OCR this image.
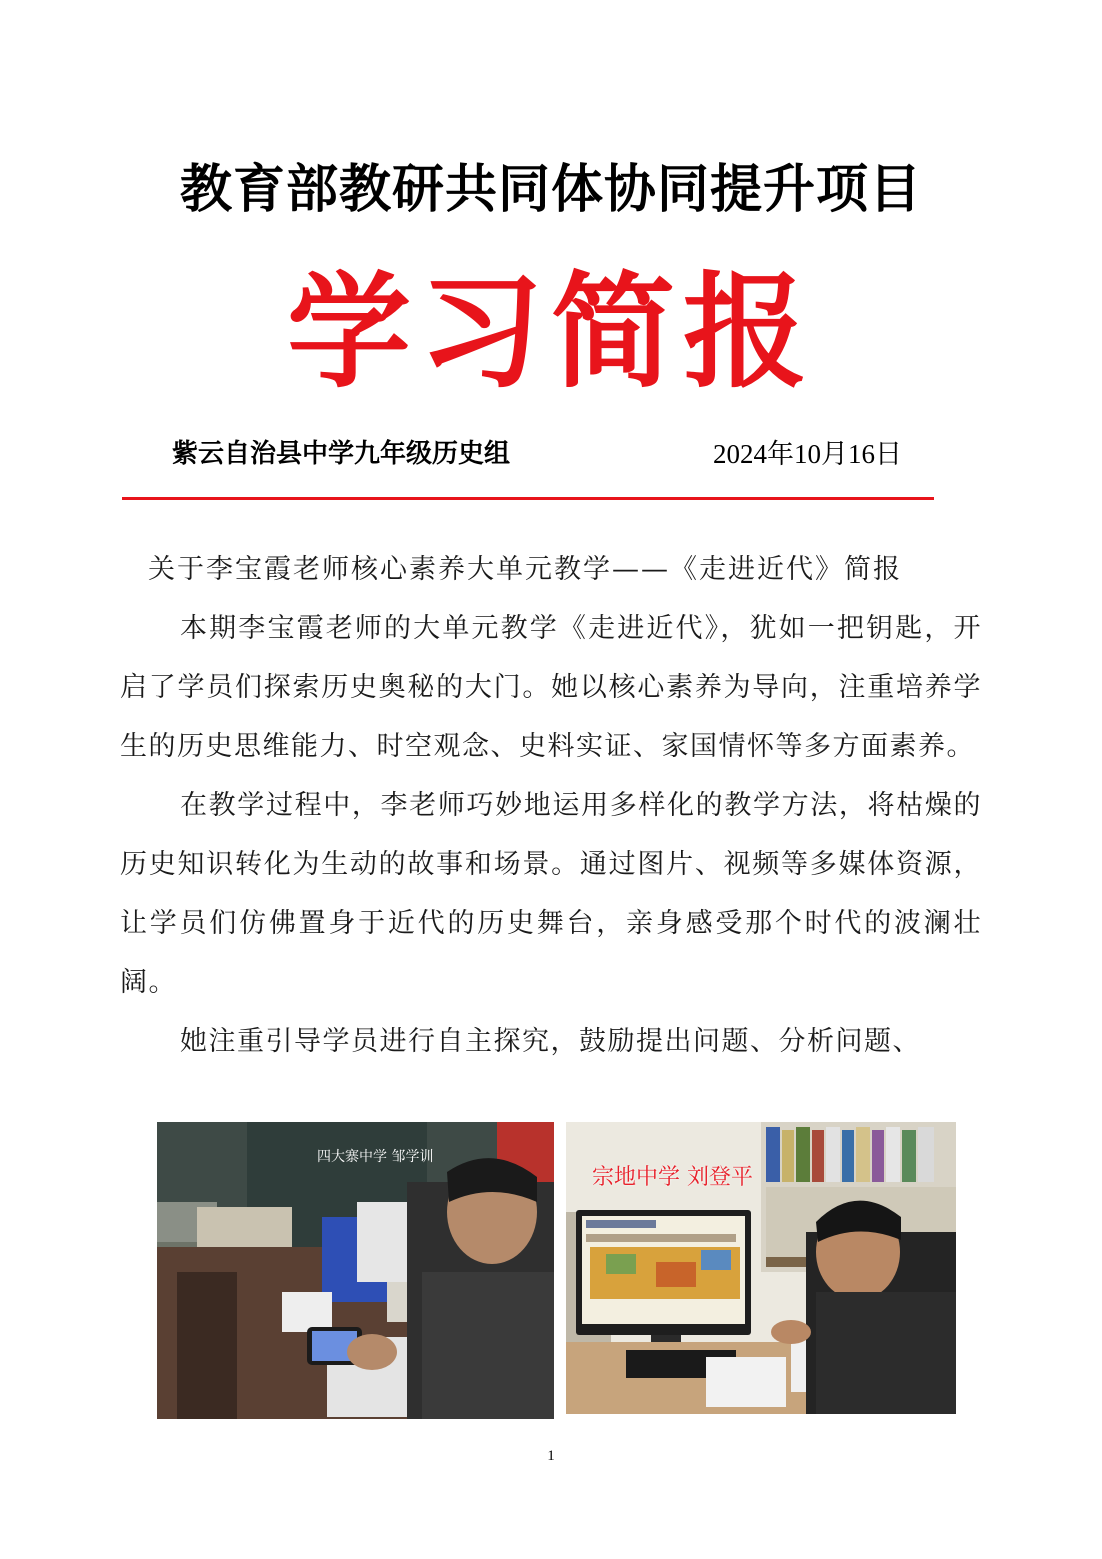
教育部教研共同体协同提升项目
学习简报
紫云自治县中学九年级历史组	2024年10月16日

关于李宝霞老师核心素养大单元教学——《走进近代》简报

本期李宝霞老师的大单元教学《走进近代》，犹如一把钥匙，开启了学员们探索历史奥秘的大门。她以核心素养为导向，注重培养学生的历史思维能力、时空观念、史料实证、家国情怀等多方面素养。

在教学过程中，李老师巧妙地运用多样化的教学方法，将枯燥的历史知识转化为生动的故事和场景。通过图片、视频等多媒体资源，让学员们仿佛置身于近代的历史舞台，亲身感受那个时代的波澜壮阔。

她注重引导学员进行自主探究，鼓励提出问题、分析问题、

四大寨中学 邹学训
宗地中学 刘登平
1
